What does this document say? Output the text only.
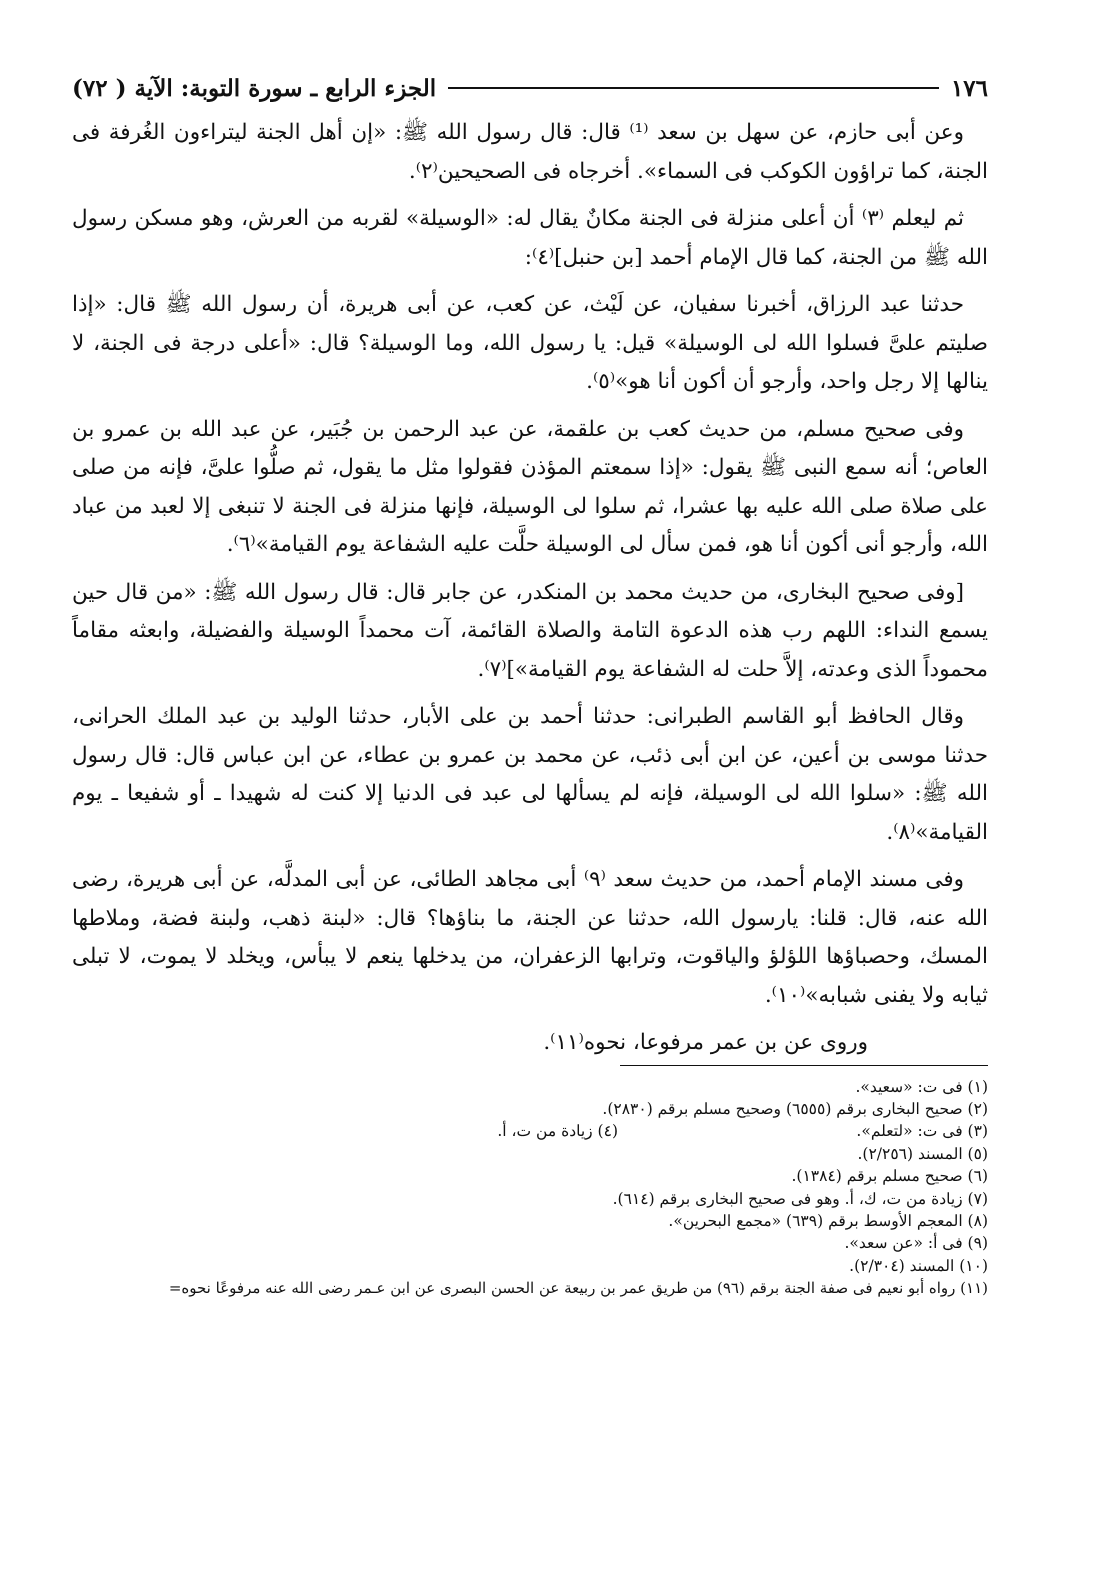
١٧٦
الجزء الرابع ـ سورة التوبة: الآية ( ٧٢)

وعن أبى حازم، عن سهل بن سعد ⁽¹⁾ قال: قال رسول الله ﷺ: «إن أهل الجنة ليتراءون الغُرفة فى الجنة، كما تراؤون الكوكب فى السماء». أخرجاه فى الصحيحين⁽٢⁾.

ثم ليعلم ⁽٣⁾ أن أعلى منزلة فى الجنة مكانٌ يقال له: «الوسيلة» لقربه من العرش، وهو مسكن رسول الله ﷺ من الجنة، كما قال الإمام أحمد [بن حنبل]⁽٤⁾:

حدثنا عبد الرزاق، أخبرنا سفيان، عن لَيْث، عن كعب، عن أبى هريرة، أن رسول الله ﷺ قال: «إذا صليتم علىَّ فسلوا الله لى الوسيلة» قيل: يا رسول الله، وما الوسيلة؟ قال: «أعلى درجة فى الجنة، لا ينالها إلا رجل واحد، وأرجو أن أكون أنا هو»⁽٥⁾.

وفى صحيح مسلم، من حديث كعب بن علقمة، عن عبد الرحمن بن جُبَير، عن عبد الله بن عمرو بن العاص؛ أنه سمع النبى ﷺ يقول: «إذا سمعتم المؤذن فقولوا مثل ما يقول، ثم صلُّوا علىَّ، فإنه من صلى على صلاة صلى الله عليه بها عشرا، ثم سلوا لى الوسيلة، فإنها منزلة فى الجنة لا تنبغى إلا لعبد من عباد الله، وأرجو أنى أكون أنا هو، فمن سأل لى الوسيلة حلَّت عليه الشفاعة يوم القيامة»⁽٦⁾.

[وفى صحيح البخارى، من حديث محمد بن المنكدر، عن جابر قال: قال رسول الله ﷺ: «من قال حين يسمع النداء: اللهم رب هذه الدعوة التامة والصلاة القائمة، آت محمداً الوسيلة والفضيلة، وابعثه مقاماً محموداً الذى وعدته، إلاَّ حلت له الشفاعة يوم القيامة»]⁽٧⁾.

وقال الحافظ أبو القاسم الطبرانى: حدثنا أحمد بن على الأبار، حدثنا الوليد بن عبد الملك الحرانى، حدثنا موسى بن أعين، عن ابن أبى ذئب، عن محمد بن عمرو بن عطاء، عن ابن عباس قال: قال رسول الله ﷺ: «سلوا الله لى الوسيلة، فإنه لم يسألها لى عبد فى الدنيا إلا كنت له شهيدا ـ أو شفيعا ـ يوم القيامة»⁽٨⁾.

وفى مسند الإمام أحمد، من حديث سعد ⁽٩⁾ أبى مجاهد الطائى، عن أبى المدلَّه، عن أبى هريرة، رضى الله عنه، قال: قلنا: يارسول الله، حدثنا عن الجنة، ما بناؤها؟ قال: «لبنة ذهب، ولبنة فضة، وملاطها المسك، وحصباؤها اللؤلؤ والياقوت، وترابها الزعفران، من يدخلها ينعم لا يبأس، ويخلد لا يموت، لا تبلى ثيابه ولا يفنى شبابه»⁽١٠⁾.

وروى عن بن عمر مرفوعا، نحوه⁽١١⁾.
(١) فى ت: «سعيد».
(٢) صحيح البخارى برقم (٦٥٥٥) وصحيح مسلم برقم (٢٨٣٠).
(٣) فى ت: «لتعلم».
(٤) زيادة من ت، أ.
(٥) المسند (٢/٢٥٦).
(٦) صحيح مسلم برقم (١٣٨٤).
(٧) زيادة من ت، ك، أ. وهو فى صحيح البخارى برقم (٦١٤).
(٨) المعجم الأوسط برقم (٦٣٩) «مجمع البحرين».
(٩) فى أ: «عن سعد».
(١٠) المسند (٢/٣٠٤).
(١١) رواه أبو نعيم فى صفة الجنة برقم (٩٦) من طريق عمر بن ربيعة عن الحسن البصرى عن ابن عـمر رضى الله عنه مرفوعًا نحوه=
